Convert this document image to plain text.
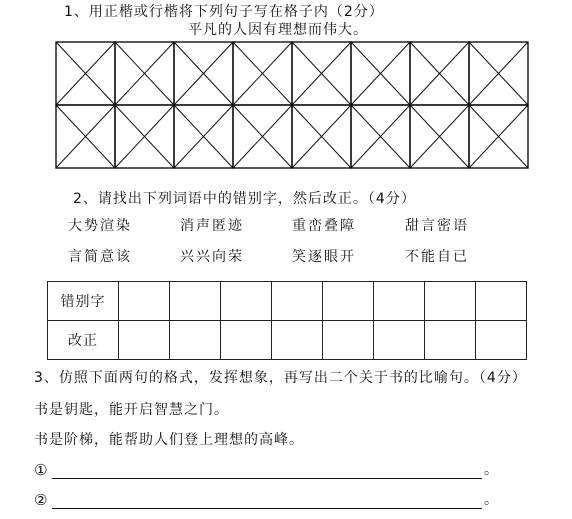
1、用正楷或行楷将下列句子写在格子内（2分）
平凡的人因有理想而伟大。
2、请找出下列词语中的错别字，然后改正。（4分）
大势渲染	消声匿迹	重峦叠障	甜言密语
言简意该	兴兴向荣	笑逐眼开	不能自已
错别字								
改正								
3、仿照下面两句的格式，发挥想象，再写出二个关于书的比喻句。（4分）
书是钥匙，能开启智慧之门。
书是阶梯，能帮助人们登上理想的高峰。
①	。
②	。
